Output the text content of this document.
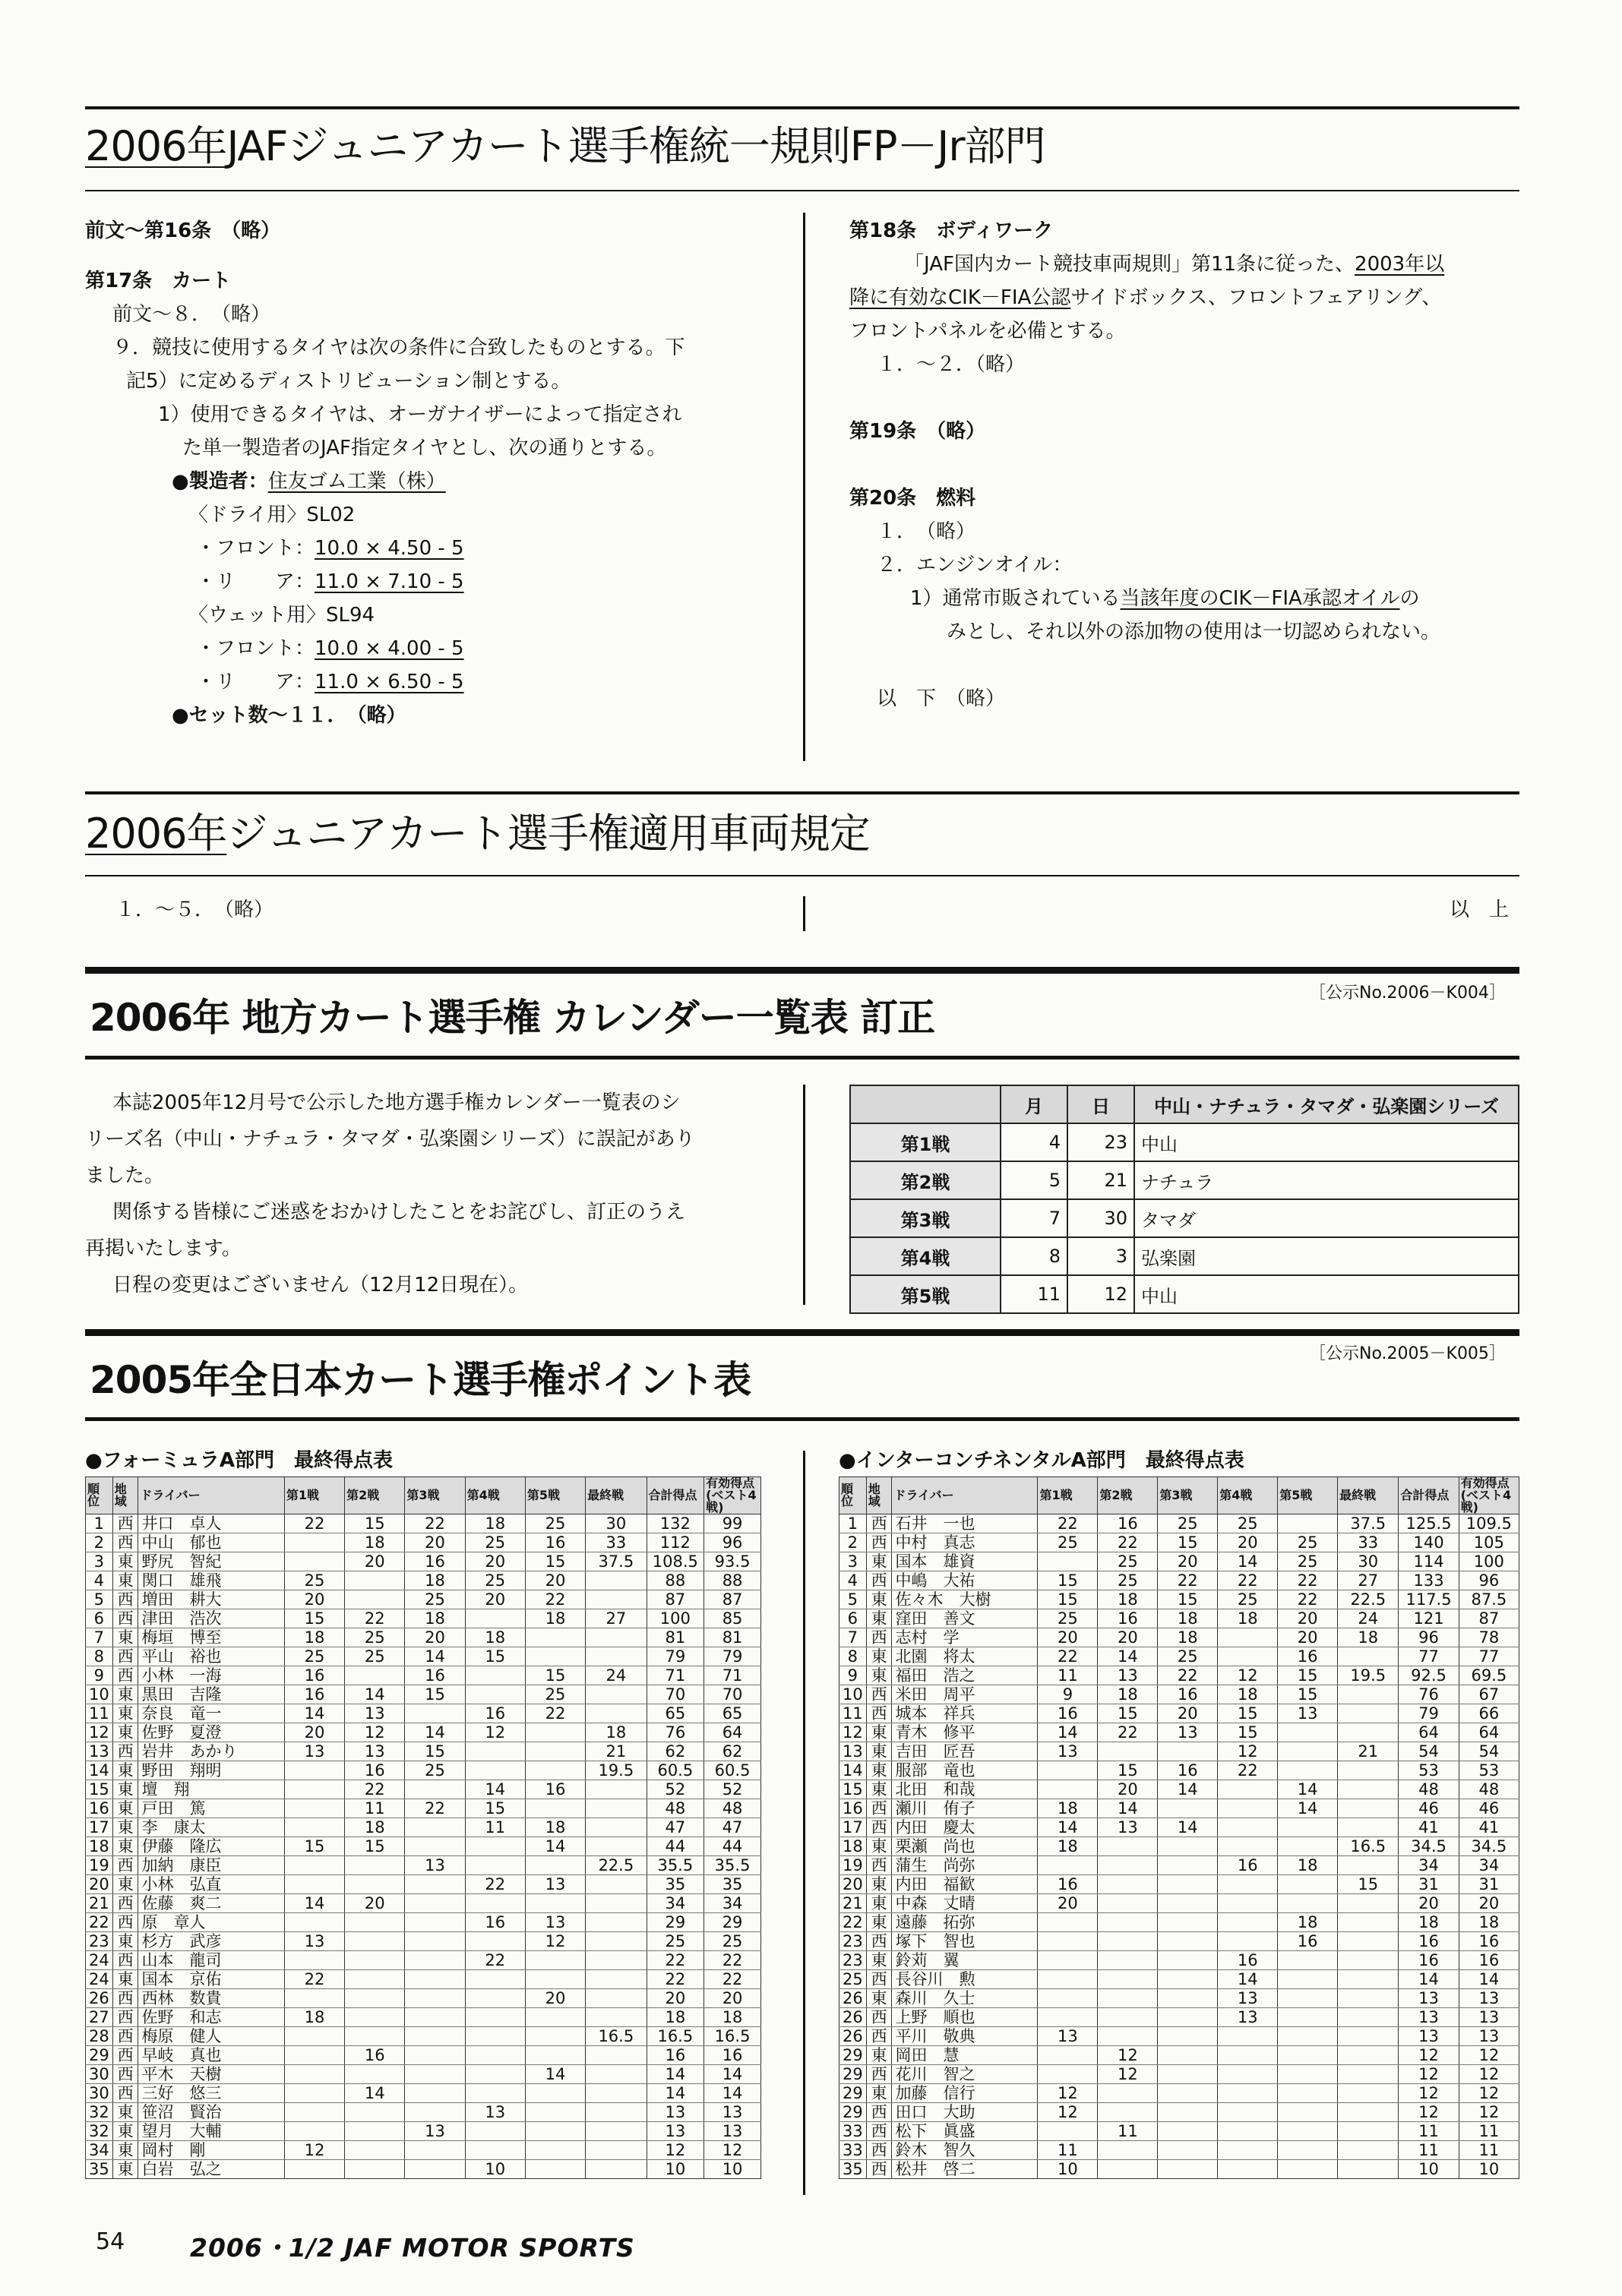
2006年JAFジュニアカート選手権統一規則FP－Jr部門
前文～第16条　（略）
第17条　カート
前文～８．　（略）
９．競技に使用するタイヤは次の条件に合致したものとする。下
記5）に定めるディストリビューション制とする。
1）使用できるタイヤは、オーガナイザーによって指定され
た単一製造者のJAF指定タイヤとし、次の通りとする。
●製造者：住友ゴム工業（株）
〈ドライ用〉SL02
・フロント：10.0 × 4.50 - 5
・リ　　ア：11.0 × 7.10 - 5
〈ウェット用〉SL94
・フロント：10.0 × 4.00 - 5
・リ　　ア：11.0 × 6.50 - 5
●セット数～１１．　（略）
第18条　ボディワーク
「JAF国内カート競技車両規則」第11条に従った、2003年以
降に有効なCIK－FIA公認サイドボックス、フロントフェアリング、
フロントパネルを必備とする。
１．～２．（略）
第19条　（略）
第20条　燃料
１．　（略）
２．エンジンオイル：
1）通常市販されている当該年度のCIK－FIA承認オイルの
みとし、それ以外の添加物の使用は一切認められない。
以　下　（略）
2006年ジュニアカート選手権適用車両規定
１．～５．　（略）	以　上
［公示No.2006－K004］
2006年 地方カート選手権 カレンダー一覧表 訂正
本誌2005年12月号で公示した地方選手権カレンダー一覧表のシ
リーズ名（中山・ナチュラ・タマダ・弘楽園シリーズ）に誤記があり
ました。
関係する皆様にご迷惑をおかけしたことをお詫びし、訂正のうえ
再掲いたします。
日程の変更はございません（12月12日現在）。
	月	日	中山・ナチュラ・タマダ・弘楽園シリーズ
第1戦	4	23	中山
第2戦	5	21	ナチュラ
第3戦	7	30	タマダ
第4戦	8	3	弘楽園
第5戦	11	12	中山
［公示No.2005－K005］
2005年全日本カート選手権ポイント表
●フォーミュラA部門　最終得点表	●インターコンチネンタルA部門　最終得点表
順位	地域	ドライバー	第1戦	第2戦	第3戦	第4戦	第5戦	最終戦	合計得点	有効得点(ベスト4戦)
1	西	井口　卓人	22	15	22	18	25	30	132	99
2	西	中山　郁也		18	20	25	16	33	112	96
3	東	野尻　智紀		20	16	20	15	37.5	108.5	93.5
4	東	関口　雄飛	25		18	25	20		88	88
5	西	増田　耕大	20		25	20	22		87	87
6	西	津田　浩次	15	22	18		18	27	100	85
7	東	梅垣　博至	18	25	20	18			81	81
8	西	平山　裕也	25	25	14	15			79	79
9	西	小林　一海	16		16		15	24	71	71
10	東	黒田　吉隆	16	14	15		25		70	70
11	東	奈良　竜一	14	13		16	22		65	65
12	東	佐野　夏澄	20	12	14	12		18	76	64
13	西	岩井　あかり	13	13	15			21	62	62
14	東	野田　翔明		16	25			19.5	60.5	60.5
15	東	壇　翔		22		14	16		52	52
16	東	戸田　篤		11	22	15			48	48
17	東	李　康太		18		11	18		47	47
18	東	伊藤　隆広	15	15			14		44	44
19	西	加納　康臣			13			22.5	35.5	35.5
20	東	小林　弘直				22	13		35	35
21	西	佐藤　爽二	14	20					34	34
22	西	原　章人				16	13		29	29
23	東	杉方　武彦	13				12		25	25
24	西	山本　龍司				22			22	22
24	東	国本　京佑	22						22	22
26	西	西林　数貴					20		20	20
27	西	佐野　和志	18						18	18
28	西	梅原　健人						16.5	16.5	16.5
29	西	早岐　真也		16					16	16
30	西	平木　天樹					14		14	14
30	西	三好　悠三		14					14	14
32	東	笹沼　賢治				13			13	13
32	東	望月　大輔			13				13	13
34	東	岡村　剛	12						12	12
35	東	白岩　弘之				10			10	10
順位	地域	ドライバー	第1戦	第2戦	第3戦	第4戦	第5戦	最終戦	合計得点	有効得点(ベスト4戦)
1	西	石井　一也	22	16	25	25		37.5	125.5	109.5
2	西	中村　真志	25	22	15	20	25	33	140	105
3	東	国本　雄資		25	20	14	25	30	114	100
4	西	中嶋　大祐	15	25	22	22	22	27	133	96
5	東	佐々木　大樹	15	18	15	25	22	22.5	117.5	87.5
6	東	窪田　善文	25	16	18	18	20	24	121	87
7	西	志村　学	20	20	18		20	18	96	78
8	東	北園　将太	22	14	25		16		77	77
9	東	福田　浩之	11	13	22	12	15	19.5	92.5	69.5
10	西	米田　周平	9	18	16	18	15		76	67
11	西	城本　祥兵	16	15	20	15	13		79	66
12	東	青木　修平	14	22	13	15			64	64
13	東	吉田　匠吾	13			12		21	54	54
14	東	服部　竜也		15	16	22			53	53
15	東	北田　和哉		20	14		14		48	48
16	西	瀬川　侑子	18	14			14		46	46
17	西	内田　慶太	14	13	14				41	41
18	東	栗瀬　尚也	18					16.5	34.5	34.5
19	西	蒲生　尚弥				16	18		34	34
20	東	内田　福歓	16					15	31	31
21	東	中森　丈晴	20						20	20
22	東	遠藤　拓弥					18		18	18
23	西	塚下　智也					16		16	16
23	東	鈴苅　翼				16			16	16
25	西	長谷川　勲				14			14	14
26	東	森川　久士				13			13	13
26	西	上野　順也				13			13	13
26	西	平川　敬典	13						13	13
29	東	岡田　慧		12					12	12
29	西	花川　智之		12					12	12
29	東	加藤　信行	12						12	12
29	西	田口　大助	12						12	12
33	西	松下　眞盛		11					11	11
33	西	鈴木　智久	11						11	11
35	西	松井　啓二	10						10	10
54	2006・1/2 JAF MOTOR SPORTS
